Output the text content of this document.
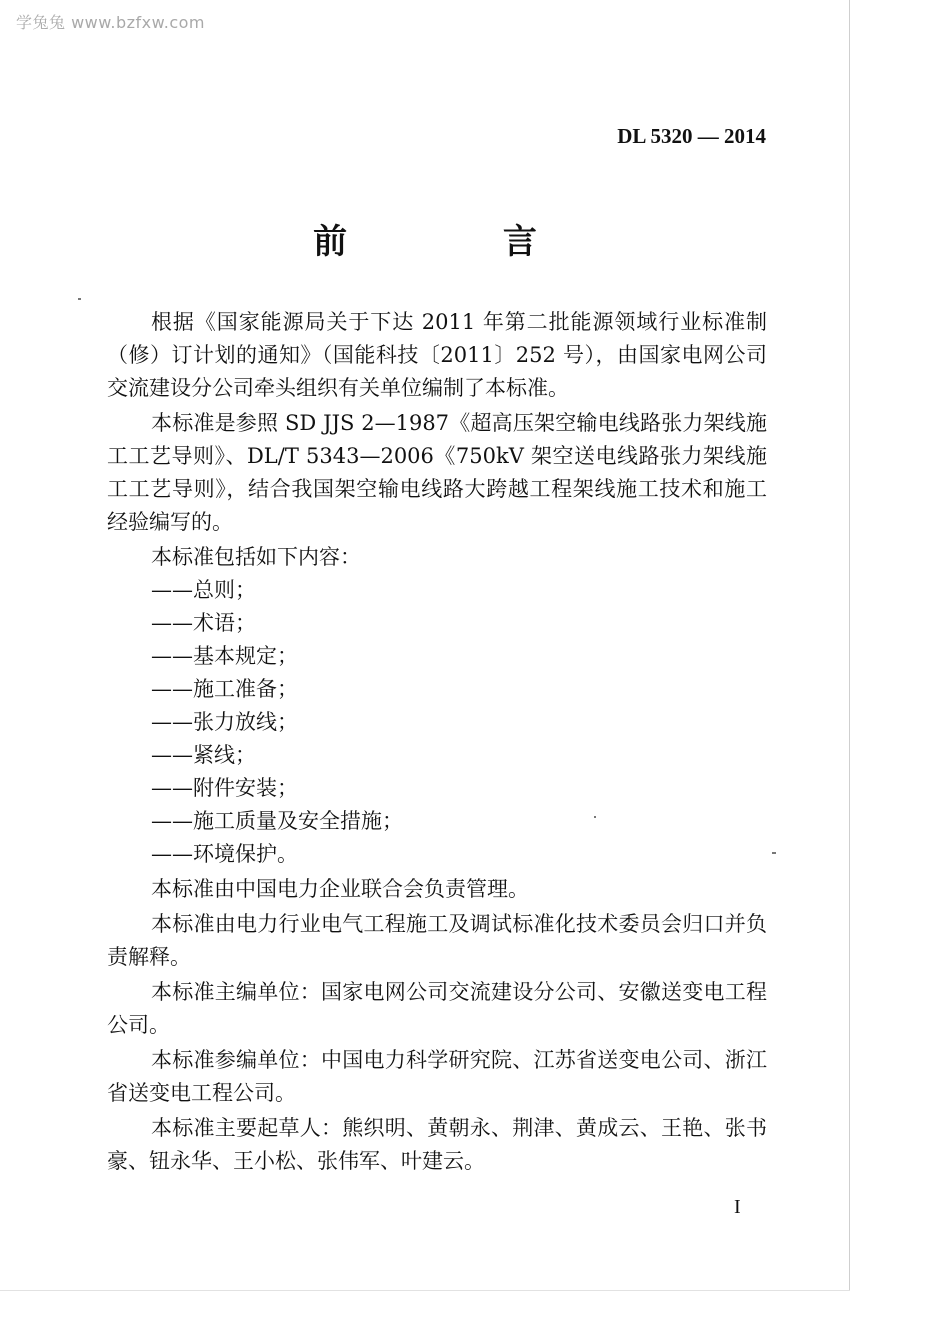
学兔兔 www.bzfxw.com
DL 5320 — 2014
前 言

根据《国家能源局关于下达 2011 年第二批能源领域行业标准制（修）订计划的通知》（国能科技〔2011〕252 号），由国家电网公司交流建设分公司牵头组织有关单位编制了本标准。

本标准是参照 SD JJS 2—1987《超高压架空输电线路张力架线施工工艺导则》、DL/T 5343—2006《750kV 架空送电线路张力架线施工工艺导则》，结合我国架空输电线路大跨越工程架线施工技术和施工经验编写的。

本标准包括如下内容：

——总则；

——术语；

——基本规定；

——施工准备；

——张力放线；

——紧线；

——附件安装；

——施工质量及安全措施；

——环境保护。

本标准由中国电力企业联合会负责管理。

本标准由电力行业电气工程施工及调试标准化技术委员会归口并负责解释。

本标准主编单位：国家电网公司交流建设分公司、安徽送变电工程公司。

本标准参编单位：中国电力科学研究院、江苏省送变电公司、浙江省送变电工程公司。

本标准主要起草人：熊织明、黄朝永、荆津、黄成云、王艳、张书豪、钮永华、王小松、张伟军、叶建云。

I
